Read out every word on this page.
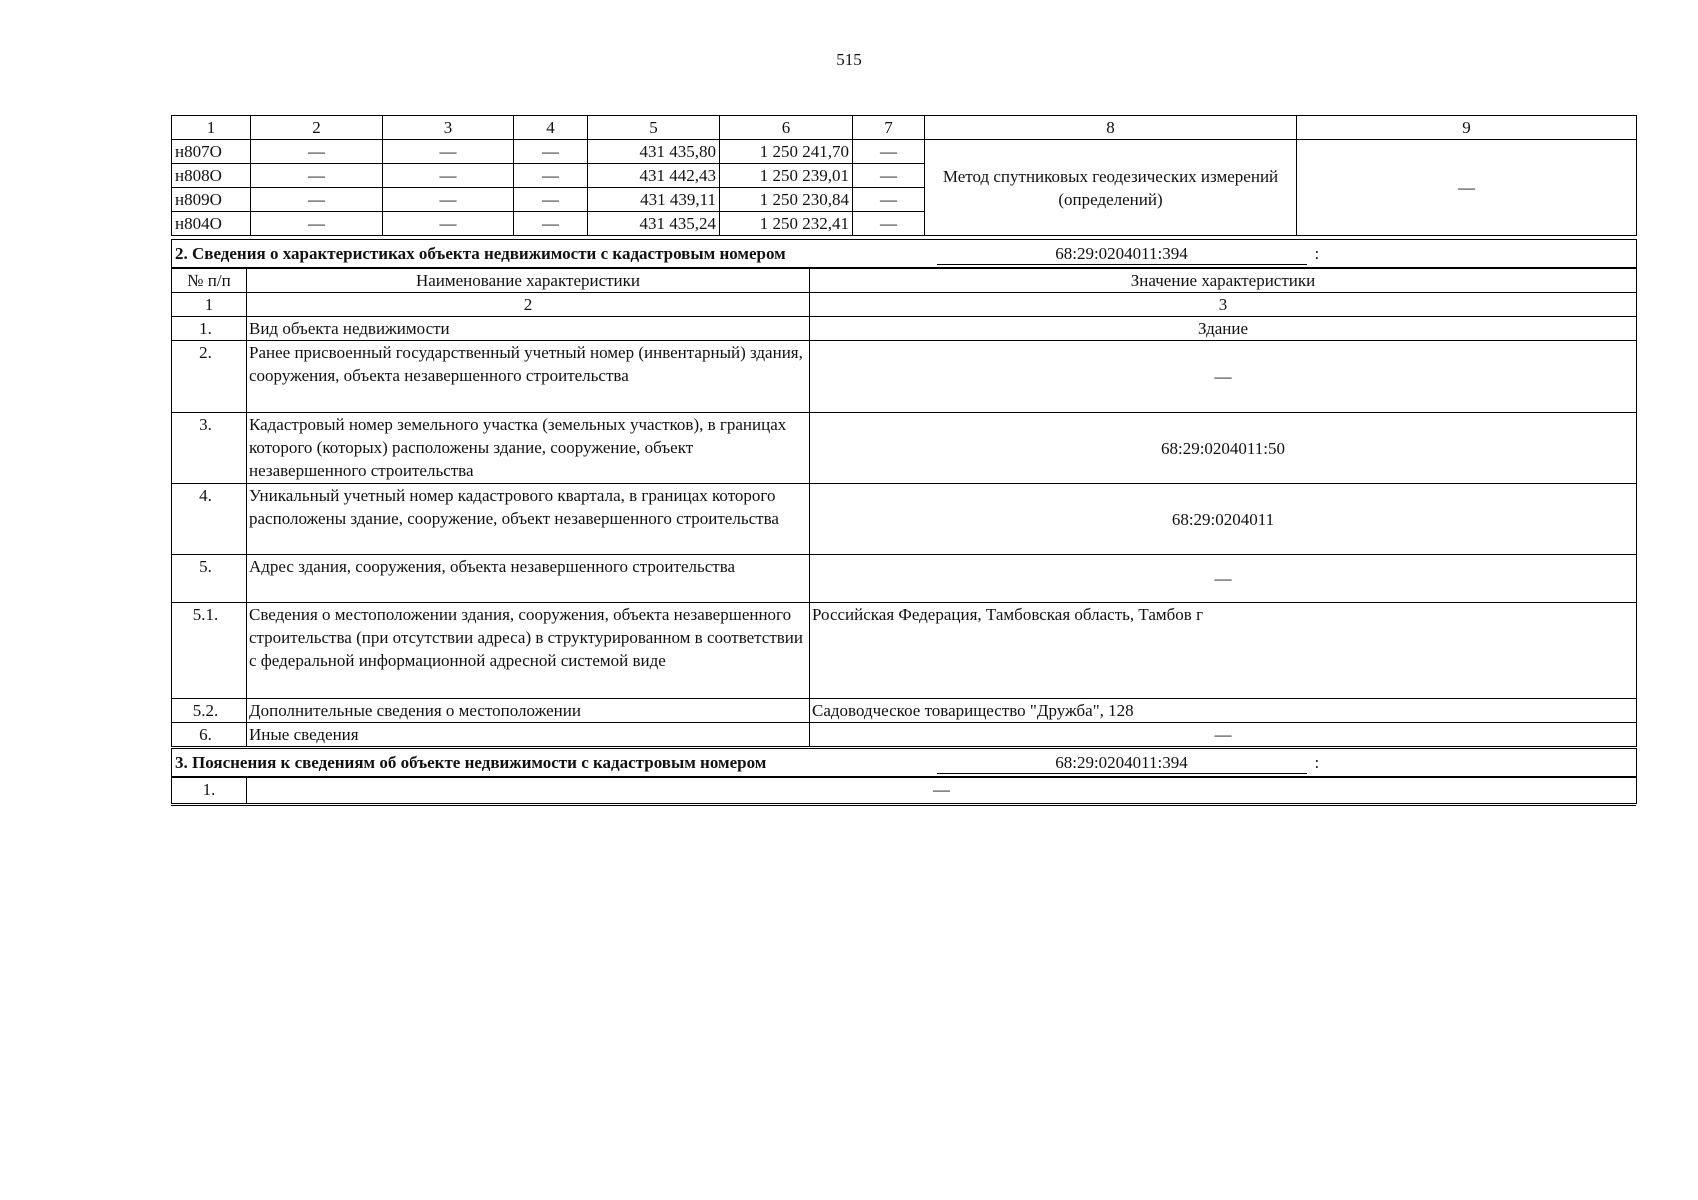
515
1	2	3	4	5	6	7	8	9
н807О	—	—	—	431 435,80	1 250 241,70	—	Метод спутниковых геодезических измерений (определений)	—
н808О	—	—	—	431 442,43	1 250 239,01	—		
н809О	—	—	—	431 439,11	1 250 230,84	—		
н804О	—	—	—	431 435,24	1 250 232,41	—		
2. Сведения о характеристиках объекта недвижимости с кадастровым номером	68:29:0204011:394	:
№ п/п	Наименование характеристики	Значение характеристики
1	2	3
1.	Вид объекта недвижимости	Здание
2.	Ранее присвоенный государственный учетный номер (инвентарный) здания, сооружения, объекта незавершенного строительства	—
3.	Кадастровый номер земельного участка (земельных участков), в границах которого (которых) расположены здание, сооружение, объект незавершенного строительства	68:29:0204011:50
4.	Уникальный учетный номер кадастрового квартала, в границах которого расположены здание, сооружение, объект незавершенного строительства	68:29:0204011
5.	Адрес здания, сооружения, объекта незавершенного строительства	—
5.1.	Сведения о местоположении здания, сооружения, объекта незавершенного строительства (при отсутствии адреса) в структурированном в соответствии с федеральной информационной адресной системой виде	Российская Федерация, Тамбовская область, Тамбов г
5.2.	Дополнительные сведения о местоположении	Садоводческое товарищество "Дружба", 128
6.	Иные сведения	—
3. Пояснения к сведениям об объекте недвижимости с кадастровым номером	68:29:0204011:394	:
1.	—
